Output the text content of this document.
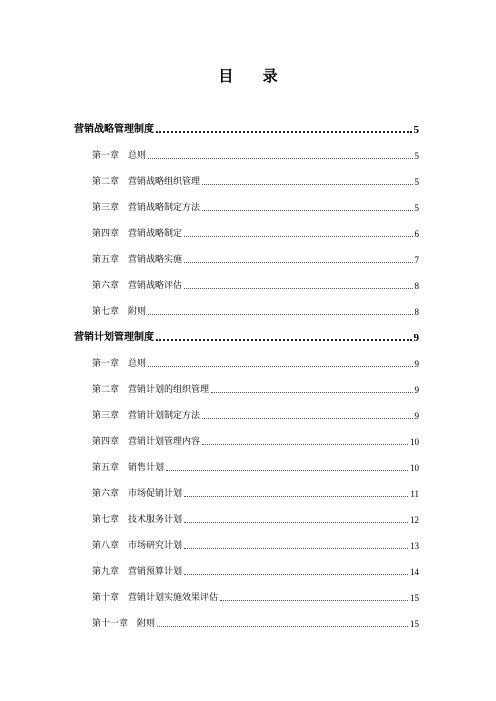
目 录
营销战略管理制度	5
第一章 总则	5
第二章 营销战略组织管理	5
第三章 营销战略制定方法	5
第四章 营销战略制定	6
第五章 营销战略实施	7
第六章 营销战略评估	8
第七章 附则	8
营销计划管理制度	9
第一章 总则	9
第二章 营销计划的组织管理	9
第三章 营销计划制定方法	9
第四章 营销计划管理内容	10
第五章 销售计划	10
第六章 市场促销计划	11
第七章 技术服务计划	12
第八章 市场研究计划	13
第九章 营销预算计划	14
第十章 营销计划实施效果评估	15
第十一章 附则	15
